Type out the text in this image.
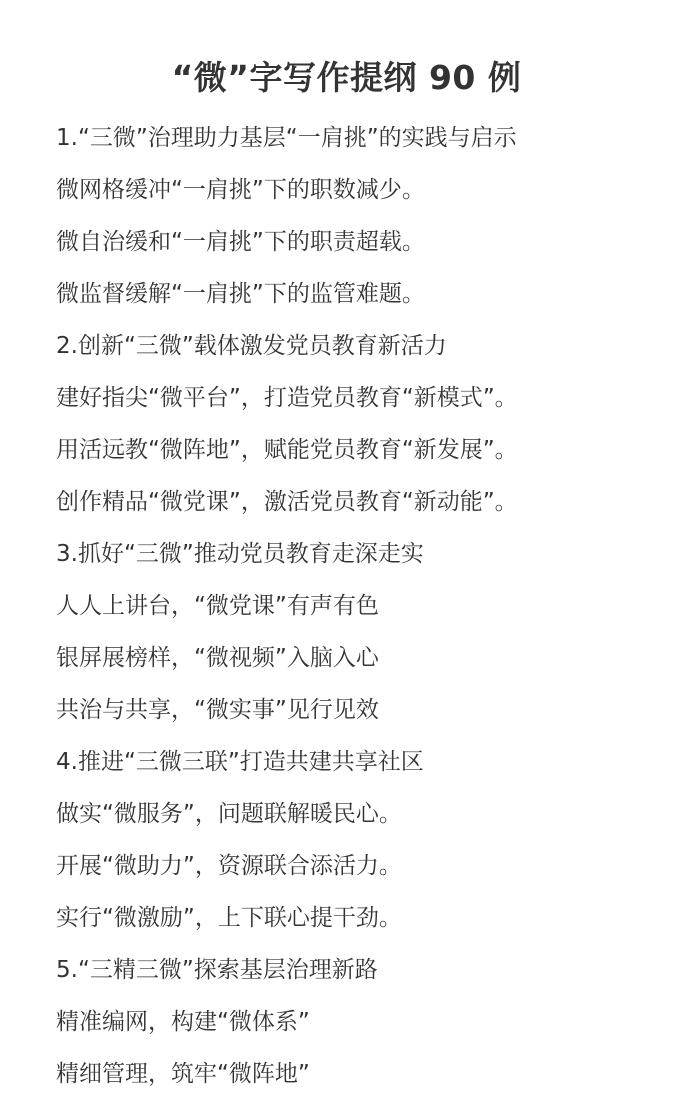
“微”字写作提纲 90 例
1.“三微”治理助力基层“一肩挑”的实践与启示
微网格缓冲“一肩挑”下的职数减少。
微自治缓和“一肩挑”下的职责超载。
微监督缓解“一肩挑”下的监管难题。
2.创新“三微”载体激发党员教育新活力
建好指尖“微平台”，打造党员教育“新模式”。
用活远教“微阵地”，赋能党员教育“新发展”。
创作精品“微党课”，激活党员教育“新动能”。
3.抓好“三微”推动党员教育走深走实
人人上讲台，“微党课”有声有色
银屏展榜样，“微视频”入脑入心
共治与共享，“微实事”见行见效
4.推进“三微三联”打造共建共享社区
做实“微服务”，问题联解暖民心。
开展“微助力”，资源联合添活力。
实行“微激励”，上下联心提干劲。
5.“三精三微”探索基层治理新路
精准编网，构建“微体系”
精细管理，筑牢“微阵地”
